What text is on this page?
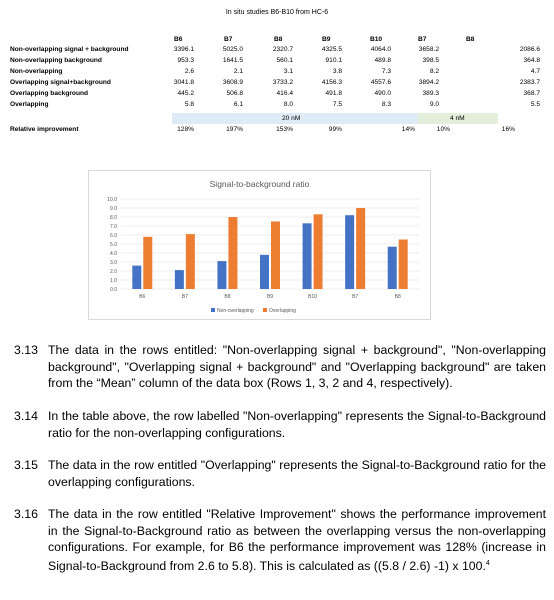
In situ studies B6-B10 from HC-6
B6	B7	B8	B9	B10	B7	B8
Non-overlapping signal + background	3396.1	5025.0	2320.7	4325.5	4064.0	3658.2	2086.6
Non-overlapping background	953.3	1641.5	560.1	910.1	489.8	398.5	364.8
Non-overlapping	2.6	2.1	3.1	3.8	7.3	8.2	4.7
Overlapping signal+background	3041.8	3608.9	3733.2	4156.3	4557.6	3894.2	2383.7
Overlapping background	445.2	506.8	416.4	491.8	490.0	389.3	368.7
Overlapping	5.8	6.1	8.0	7.5	8.3	9.0	5.5
20 nM	4 nM
Relative improvement	128%	197%	153%	99%	14%	10%	16%
Signal-to-background ratio
0.0
1.0
2.0
3.0
4.0
5.0
6.0
7.0
8.0
9.0
10.0
B6	B7	B8	B9	B10	B7	B8
Non-overlapping	Overlapping
3.13 The data in the rows entitled: "Non-overlapping signal + background", "Non-overlapping background", "Overlapping signal + background" and "Overlapping background" are taken from the “Mean” column of the data box (Rows 1, 3, 2 and 4, respectively).
3.14 In the table above, the row labelled "Non-overlapping" represents the Signal-to-Background ratio for the non-overlapping configurations.
3.15 The data in the row entitled "Overlapping" represents the Signal-to-Background ratio for the overlapping configurations.
3.16 The data in the row entitled "Relative Improvement" shows the performance improvement in the Signal-to-Background ratio as between the overlapping versus the non-overlapping configurations. For example, for B6 the performance improvement was 128% (increase in Signal-to-Background from 2.6 to 5.8). This is calculated as ((5.8 / 2.6) -1) x 100.$^4$
